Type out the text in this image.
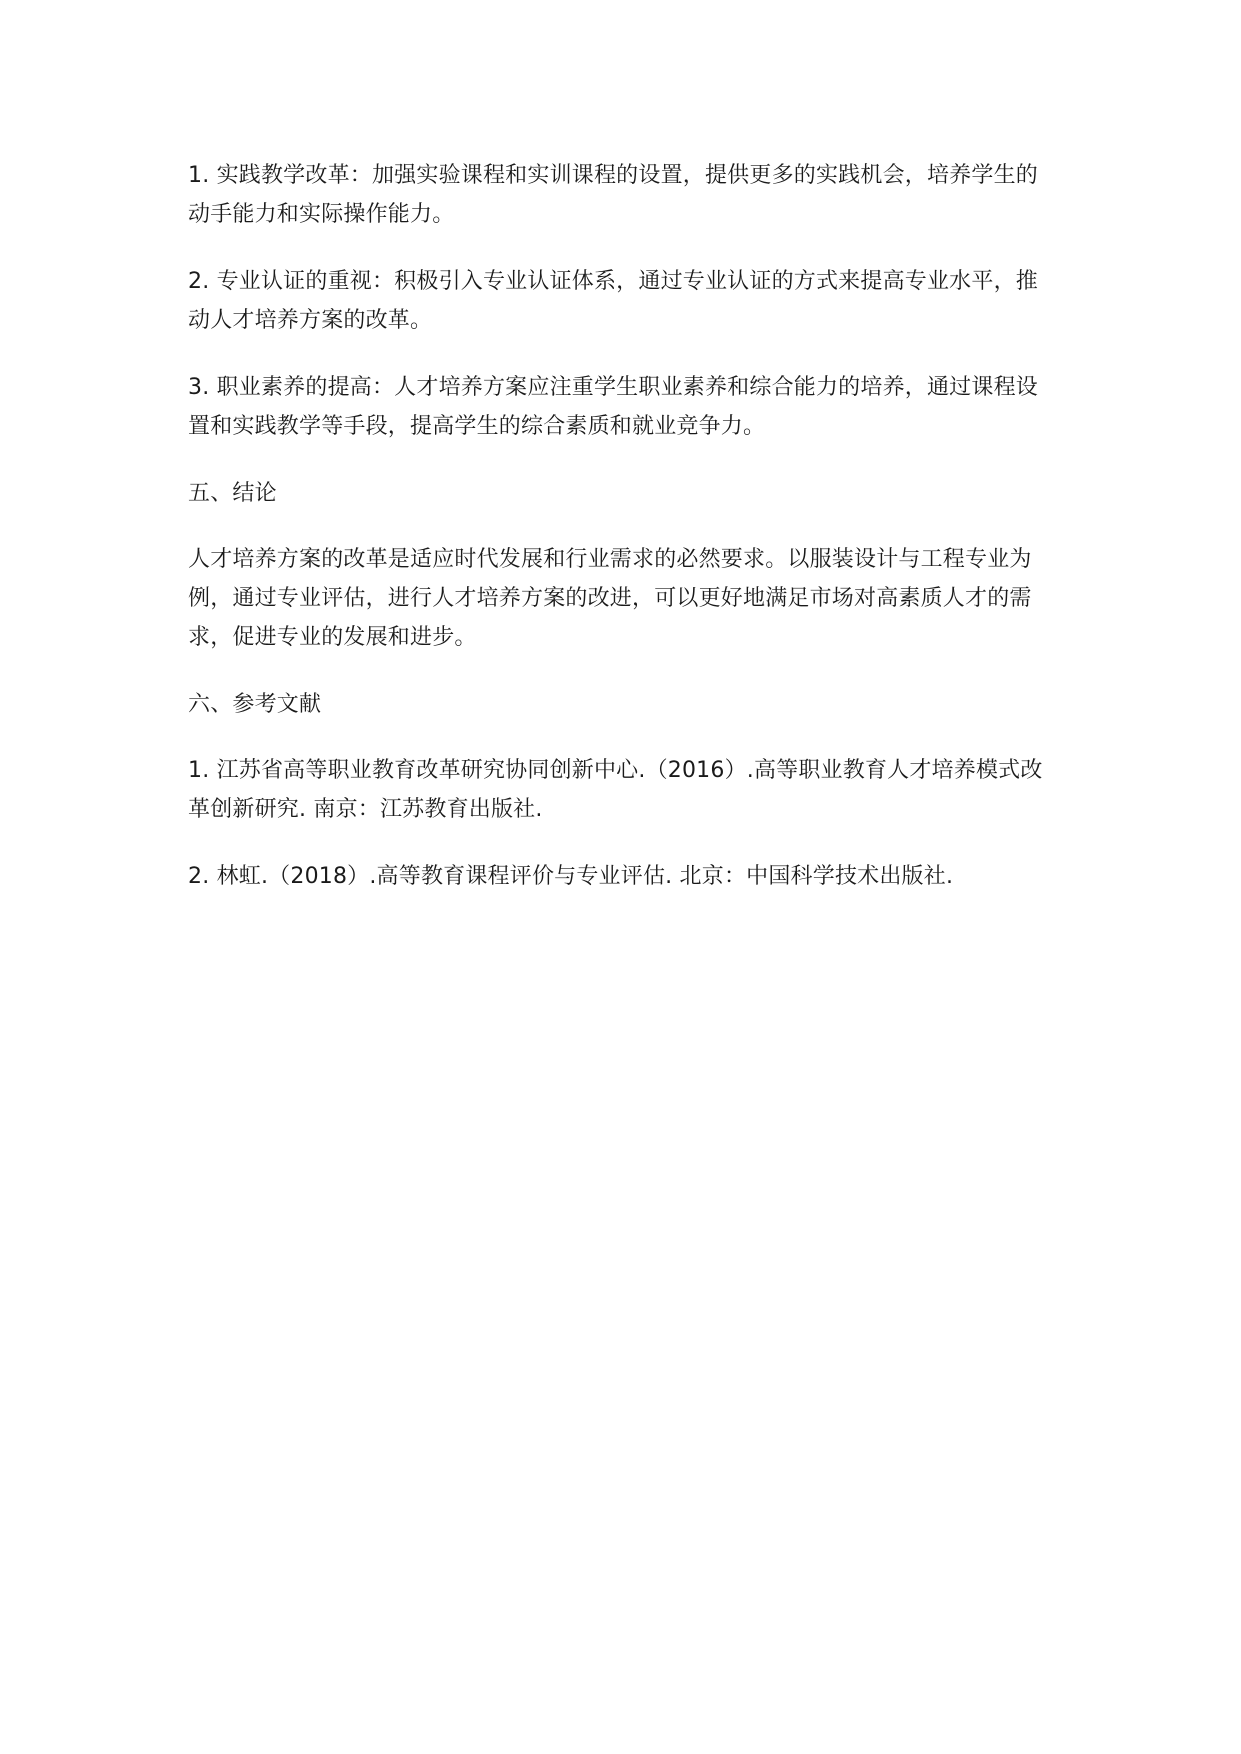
1. 实践教学改革：加强实验课程和实训课程的设置，提供更多的实践机会，培养学生的动手能力和实际操作能力。

2. 专业认证的重视：积极引入专业认证体系，通过专业认证的方式来提高专业水平，推动人才培养方案的改革。

3. 职业素养的提高：人才培养方案应注重学生职业素养和综合能力的培养，通过课程设置和实践教学等手段，提高学生的综合素质和就业竞争力。

五、结论

人才培养方案的改革是适应时代发展和行业需求的必然要求。以服装设计与工程专业为例，通过专业评估，进行人才培养方案的改进，可以更好地满足市场对高素质人才的需求，促进专业的发展和进步。

六、参考文献

1. 江苏省高等职业教育改革研究协同创新中心.（2016）.高等职业教育人才培养模式改革创新研究. 南京：江苏教育出版社.

2. 林虹.（2018）.高等教育课程评价与专业评估. 北京：中国科学技术出版社.
